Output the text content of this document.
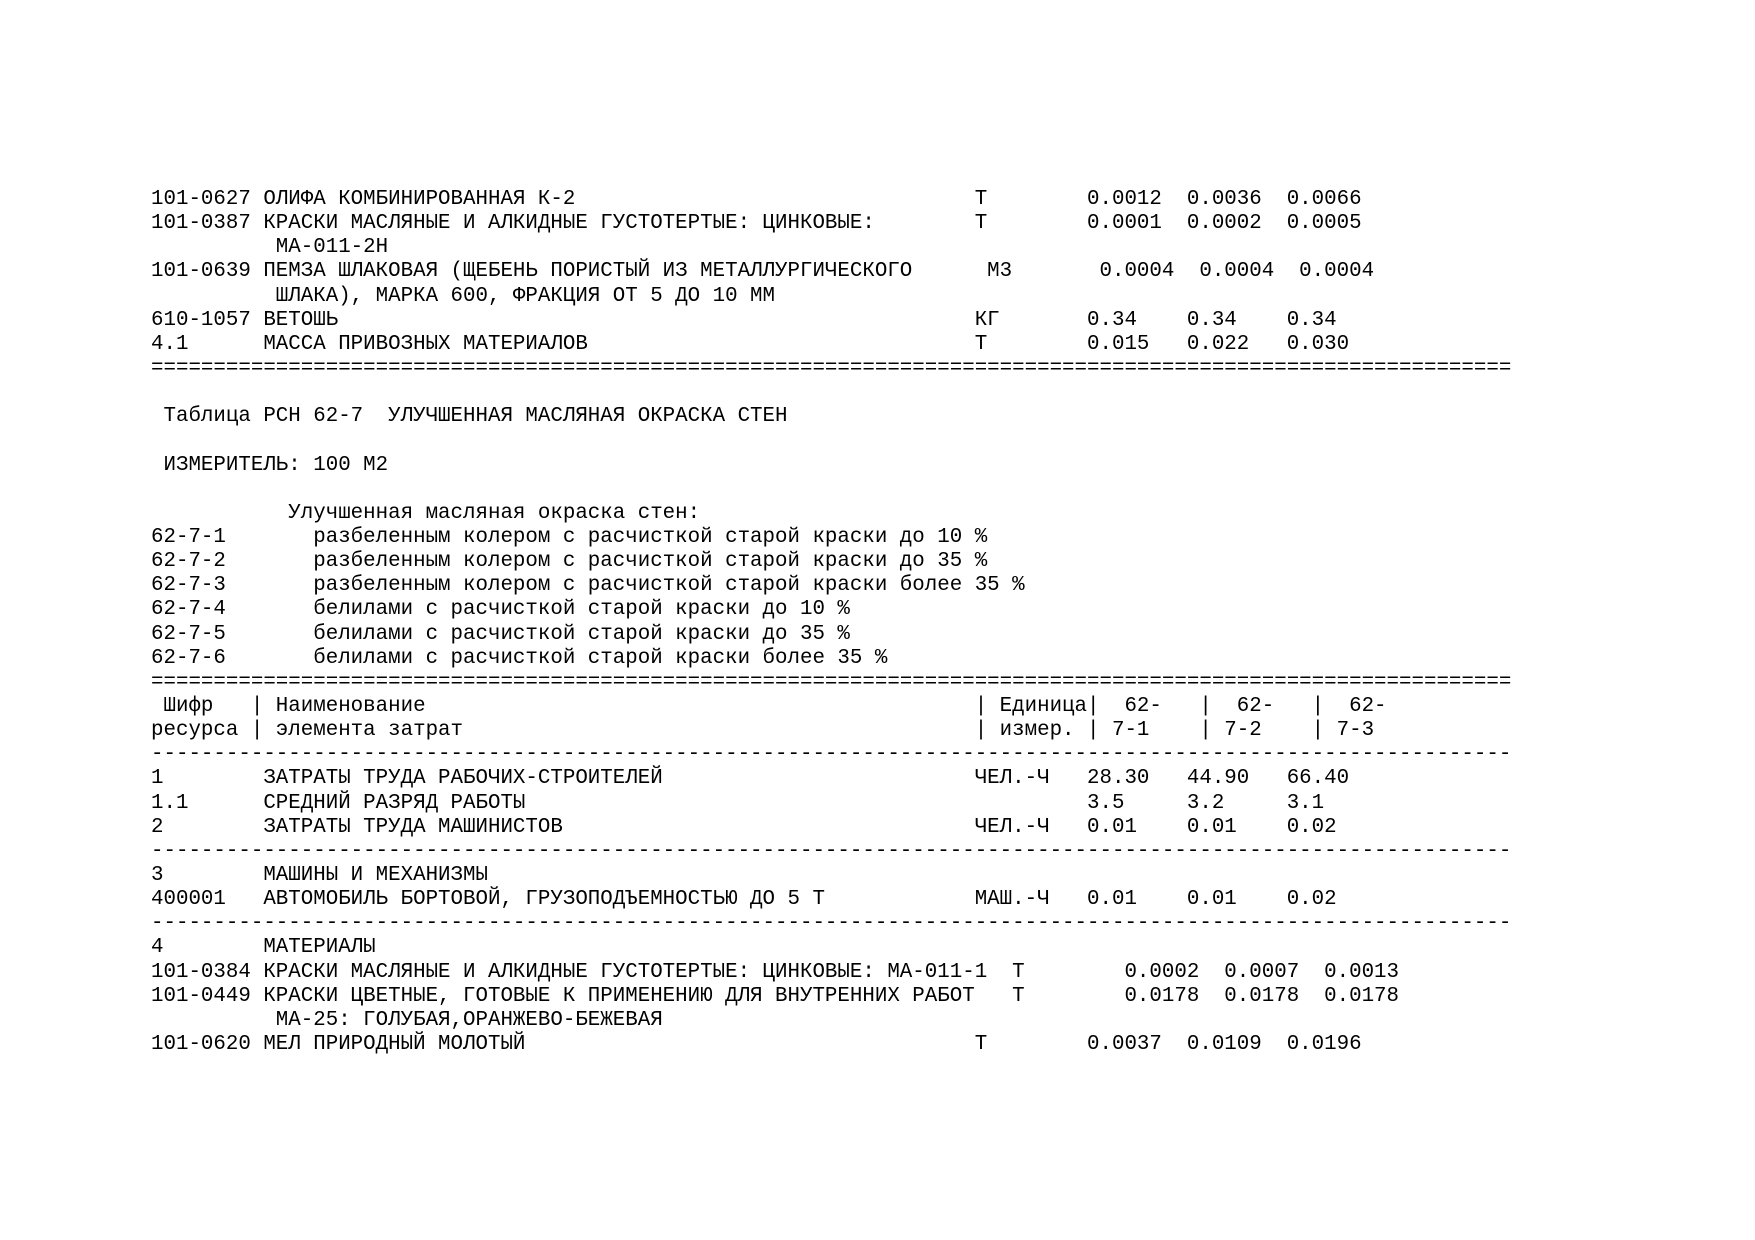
101-0627 ОЛИФА КОМБИНИРОВАННАЯ К-2                                Т        0.0012  0.0036  0.0066
101-0387 КРАСКИ МАСЛЯНЫЕ И АЛКИДНЫЕ ГУСТОТЕРТЫЕ: ЦИНКОВЫЕ:        Т        0.0001  0.0002  0.0005
МА-011-2Н
101-0639 ПЕМЗА ШЛАКОВАЯ (ЩЕБЕНЬ ПОРИСТЫЙ ИЗ МЕТАЛЛУРГИЧЕСКОГО      М3       0.0004  0.0004  0.0004
ШЛАКА), МАРКА 600, ФРАКЦИЯ ОТ 5 ДО 10 ММ
610-1057 ВЕТОШЬ                                                   КГ       0.34    0.34    0.34
4.1      МАССА ПРИВОЗНЫХ МАТЕРИАЛОВ                               Т        0.015   0.022   0.030
=============================================================================================================
Таблица РСН 62-7  УЛУЧШЕННАЯ МАСЛЯНАЯ ОКРАСКА СТЕН
ИЗМЕРИТЕЛЬ: 100 М2
Улучшенная масляная окраска стен:
62-7-1       разбеленным колером с расчисткой старой краски до 10 %
62-7-2       разбеленным колером с расчисткой старой краски до 35 %
62-7-3       разбеленным колером с расчисткой старой краски более 35 %
62-7-4       белилами с расчисткой старой краски до 10 %
62-7-5       белилами с расчисткой старой краски до 35 %
62-7-6       белилами с расчисткой старой краски более 35 %
=============================================================================================================
Шифр   | Наименование                                            | Единица|  62-   |  62-   |  62-
ресурса | элемента затрат                                         | измер. | 7-1    | 7-2    | 7-3
-------------------------------------------------------------------------------------------------------------
1        ЗАТРАТЫ ТРУДА РАБОЧИХ-СТРОИТЕЛЕЙ                         ЧЕЛ.-Ч   28.30   44.90   66.40
1.1      СРЕДНИЙ РАЗРЯД РАБОТЫ                                             3.5     3.2     3.1
2        ЗАТРАТЫ ТРУДА МАШИНИСТОВ                                 ЧЕЛ.-Ч   0.01    0.01    0.02
-------------------------------------------------------------------------------------------------------------
3        МАШИНЫ И МЕХАНИЗМЫ
400001   АВТОМОБИЛЬ БОРТОВОЙ, ГРУЗОПОДЪЕМНОСТЬЮ ДО 5 Т            МАШ.-Ч   0.01    0.01    0.02
-------------------------------------------------------------------------------------------------------------
4        МАТЕРИАЛЫ
101-0384 КРАСКИ МАСЛЯНЫЕ И АЛКИДНЫЕ ГУСТОТЕРТЫЕ: ЦИНКОВЫЕ: МА-011-1  Т        0.0002  0.0007  0.0013
101-0449 КРАСКИ ЦВЕТНЫЕ, ГОТОВЫЕ К ПРИМЕНЕНИЮ ДЛЯ ВНУТРЕННИХ РАБОТ   Т        0.0178  0.0178  0.0178
МА-25: ГОЛУБАЯ,ОРАНЖЕВО-БЕЖЕВАЯ
101-0620 МЕЛ ПРИРОДНЫЙ МОЛОТЫЙ                                    Т        0.0037  0.0109  0.0196
